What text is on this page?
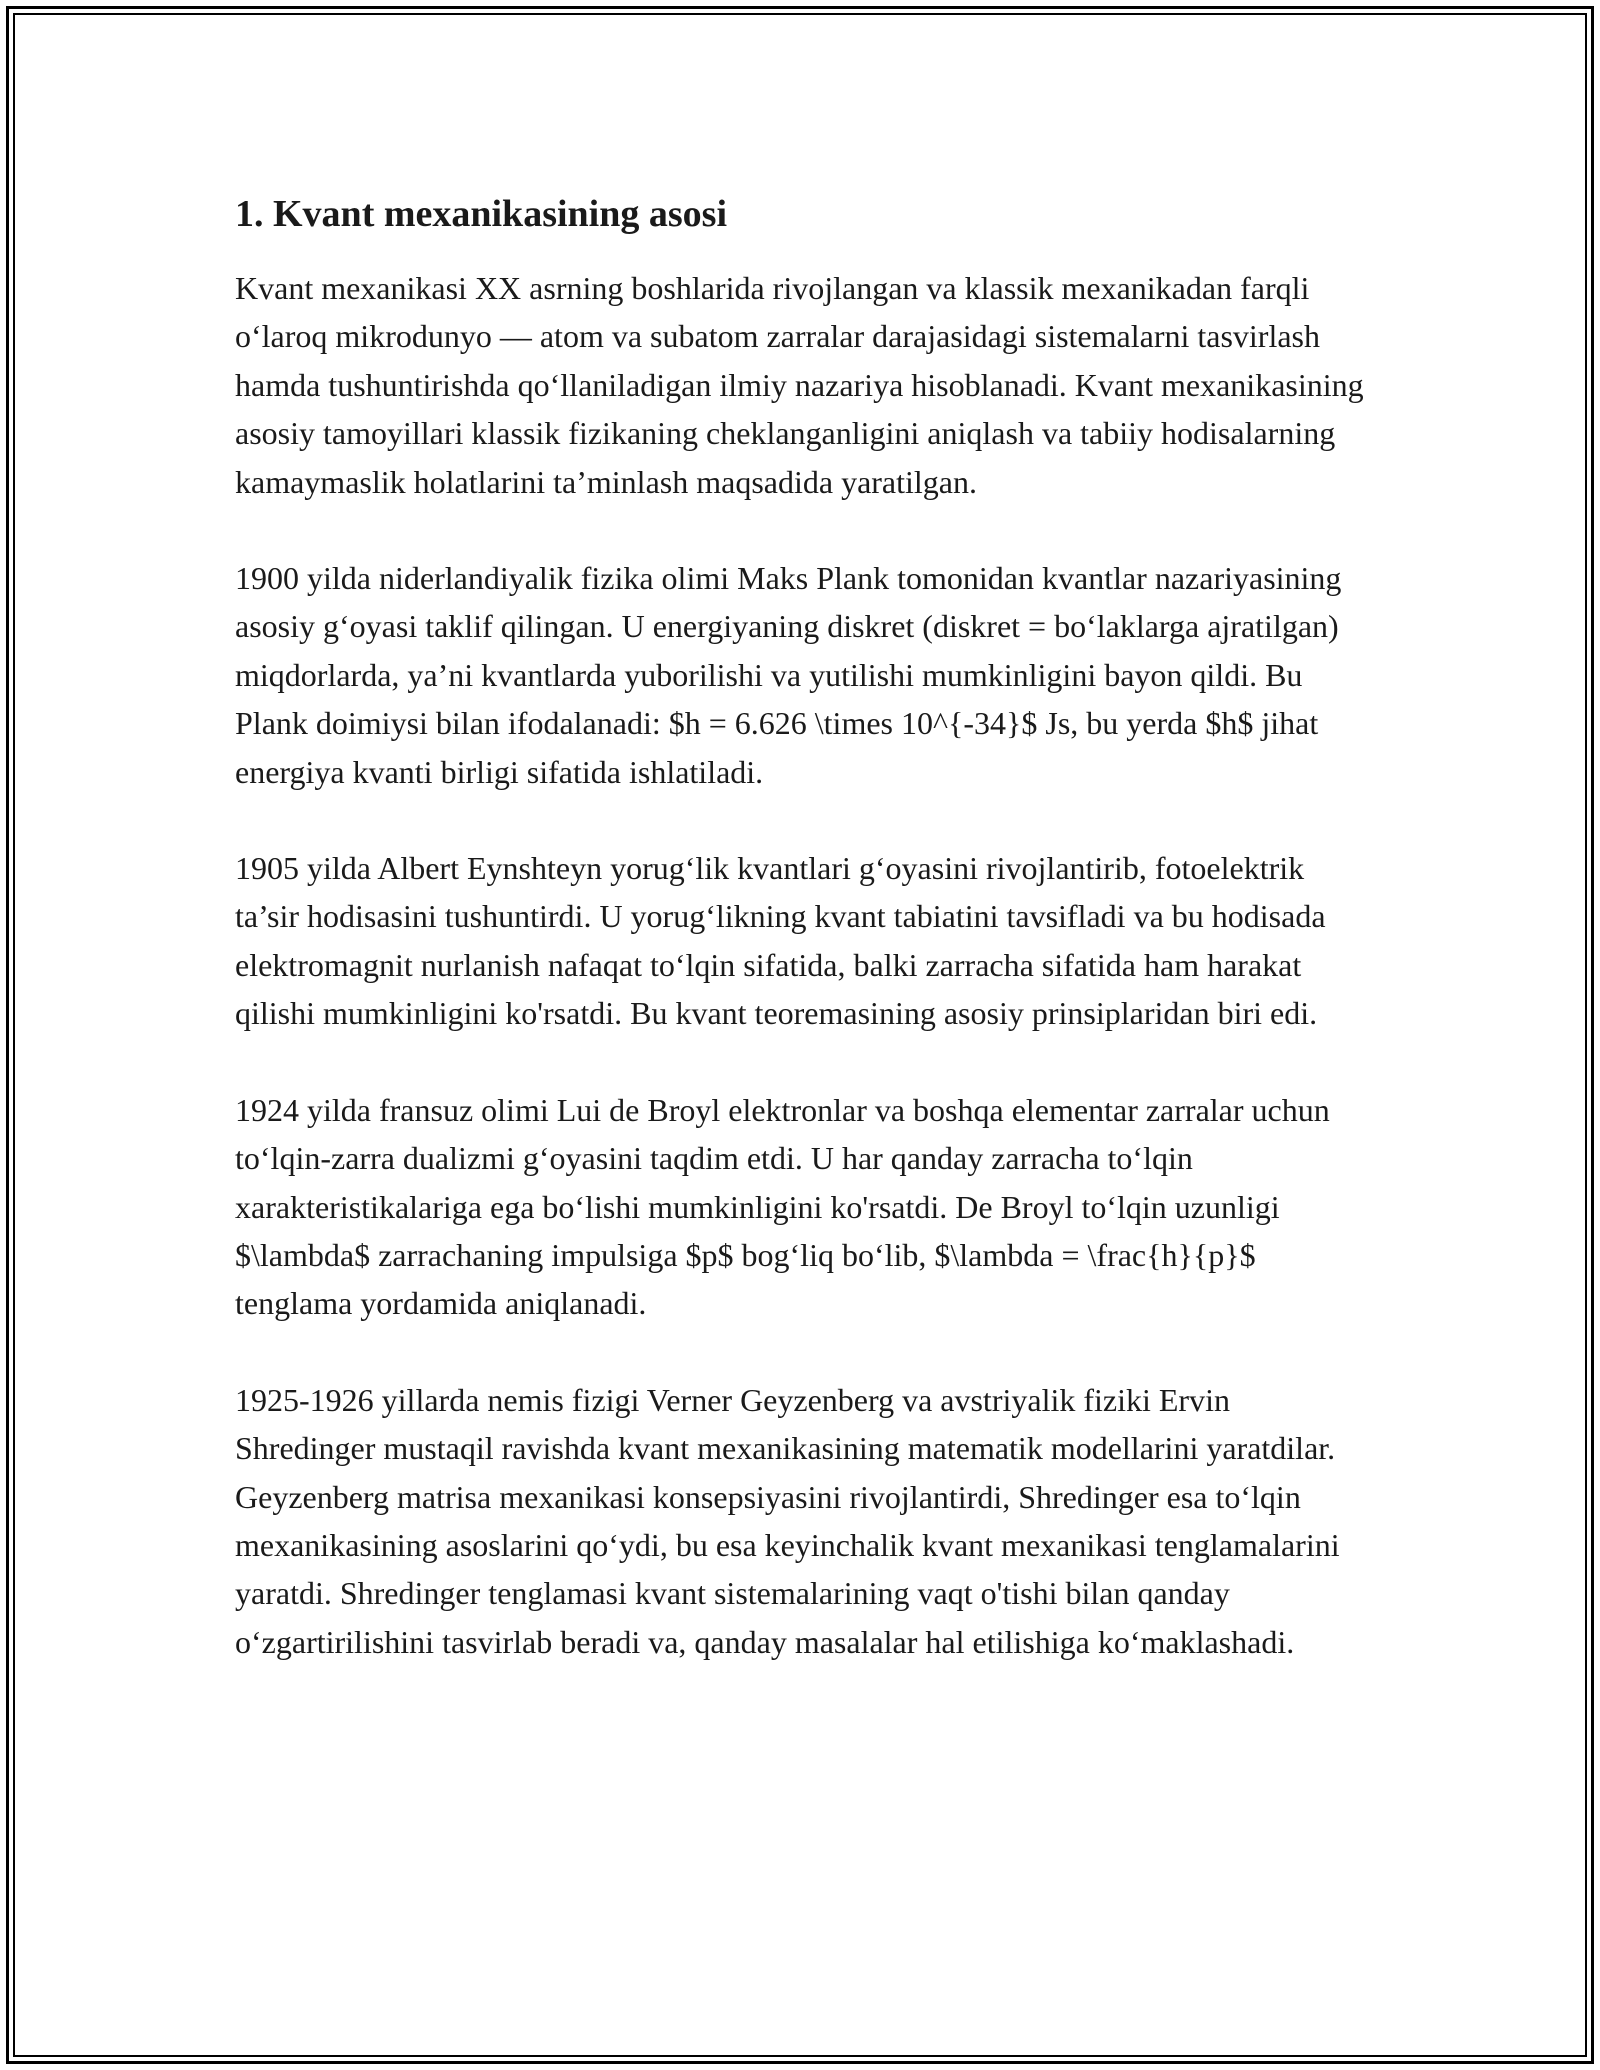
1. Kvant mexanikasining asosi

Kvant mexanikasi XX asrning boshlarida rivojlangan va klassik mexanikadan farqli o‘laroq mikrodunyo — atom va subatom zarralar darajasidagi sistemalarni tasvirlash hamda tushuntirishda qo‘llaniladigan ilmiy nazariya hisoblanadi. Kvant mexanikasining asosiy tamoyillari klassik fizikaning cheklanganligini aniqlash va tabiiy hodisalarning kamaymaslik holatlarini ta’minlash maqsadida yaratilgan.

1900 yilda niderlandiyalik fizika olimi Maks Plank tomonidan kvantlar nazariyasining asosiy g‘oyasi taklif qilingan. U energiyaning diskret (diskret = bo‘laklarga ajratilgan) miqdorlarda, ya’ni kvantlarda yuborilishi va yutilishi mumkinligini bayon qildi. Bu Plank doimiysi bilan ifodalanadi: $h = 6.626 \times 10^{-34}$ Js, bu yerda $h$ jihat energiya kvanti birligi sifatida ishlatiladi.

1905 yilda Albert Eynshteyn yorug‘lik kvantlari g‘oyasini rivojlantirib, fotoelektrik ta’sir hodisasini tushuntirdi. U yorug‘likning kvant tabiatini tavsifladi va bu hodisada elektromagnit nurlanish nafaqat to‘lqin sifatida, balki zarracha sifatida ham harakat qilishi mumkinligini ko'rsatdi. Bu kvant teoremasining asosiy prinsiplaridan biri edi.

1924 yilda fransuz olimi Lui de Broyl elektronlar va boshqa elementar zarralar uchun to‘lqin-zarra dualizmi g‘oyasini taqdim etdi. U har qanday zarracha to‘lqin xarakteristikalariga ega bo‘lishi mumkinligini ko'rsatdi. De Broyl to‘lqin uzunligi $\lambda$ zarrachaning impulsiga $p$ bog‘liq bo‘lib, $\lambda = \frac{h}{p}$ tenglama yordamida aniqlanadi.

1925-1926 yillarda nemis fizigi Verner Geyzenberg va avstriyalik fiziki Ervin Shredinger mustaqil ravishda kvant mexanikasining matematik modellarini yaratdilar. Geyzenberg matrisa mexanikasi konsepsiyasini rivojlantirdi, Shredinger esa to‘lqin mexanikasining asoslarini qo‘ydi, bu esa keyinchalik kvant mexanikasi tenglamalarini yaratdi. Shredinger tenglamasi kvant sistemalarining vaqt o'tishi bilan qanday o‘zgartirilishini tasvirlab beradi va, qanday masalalar hal etilishiga ko‘maklashadi.
